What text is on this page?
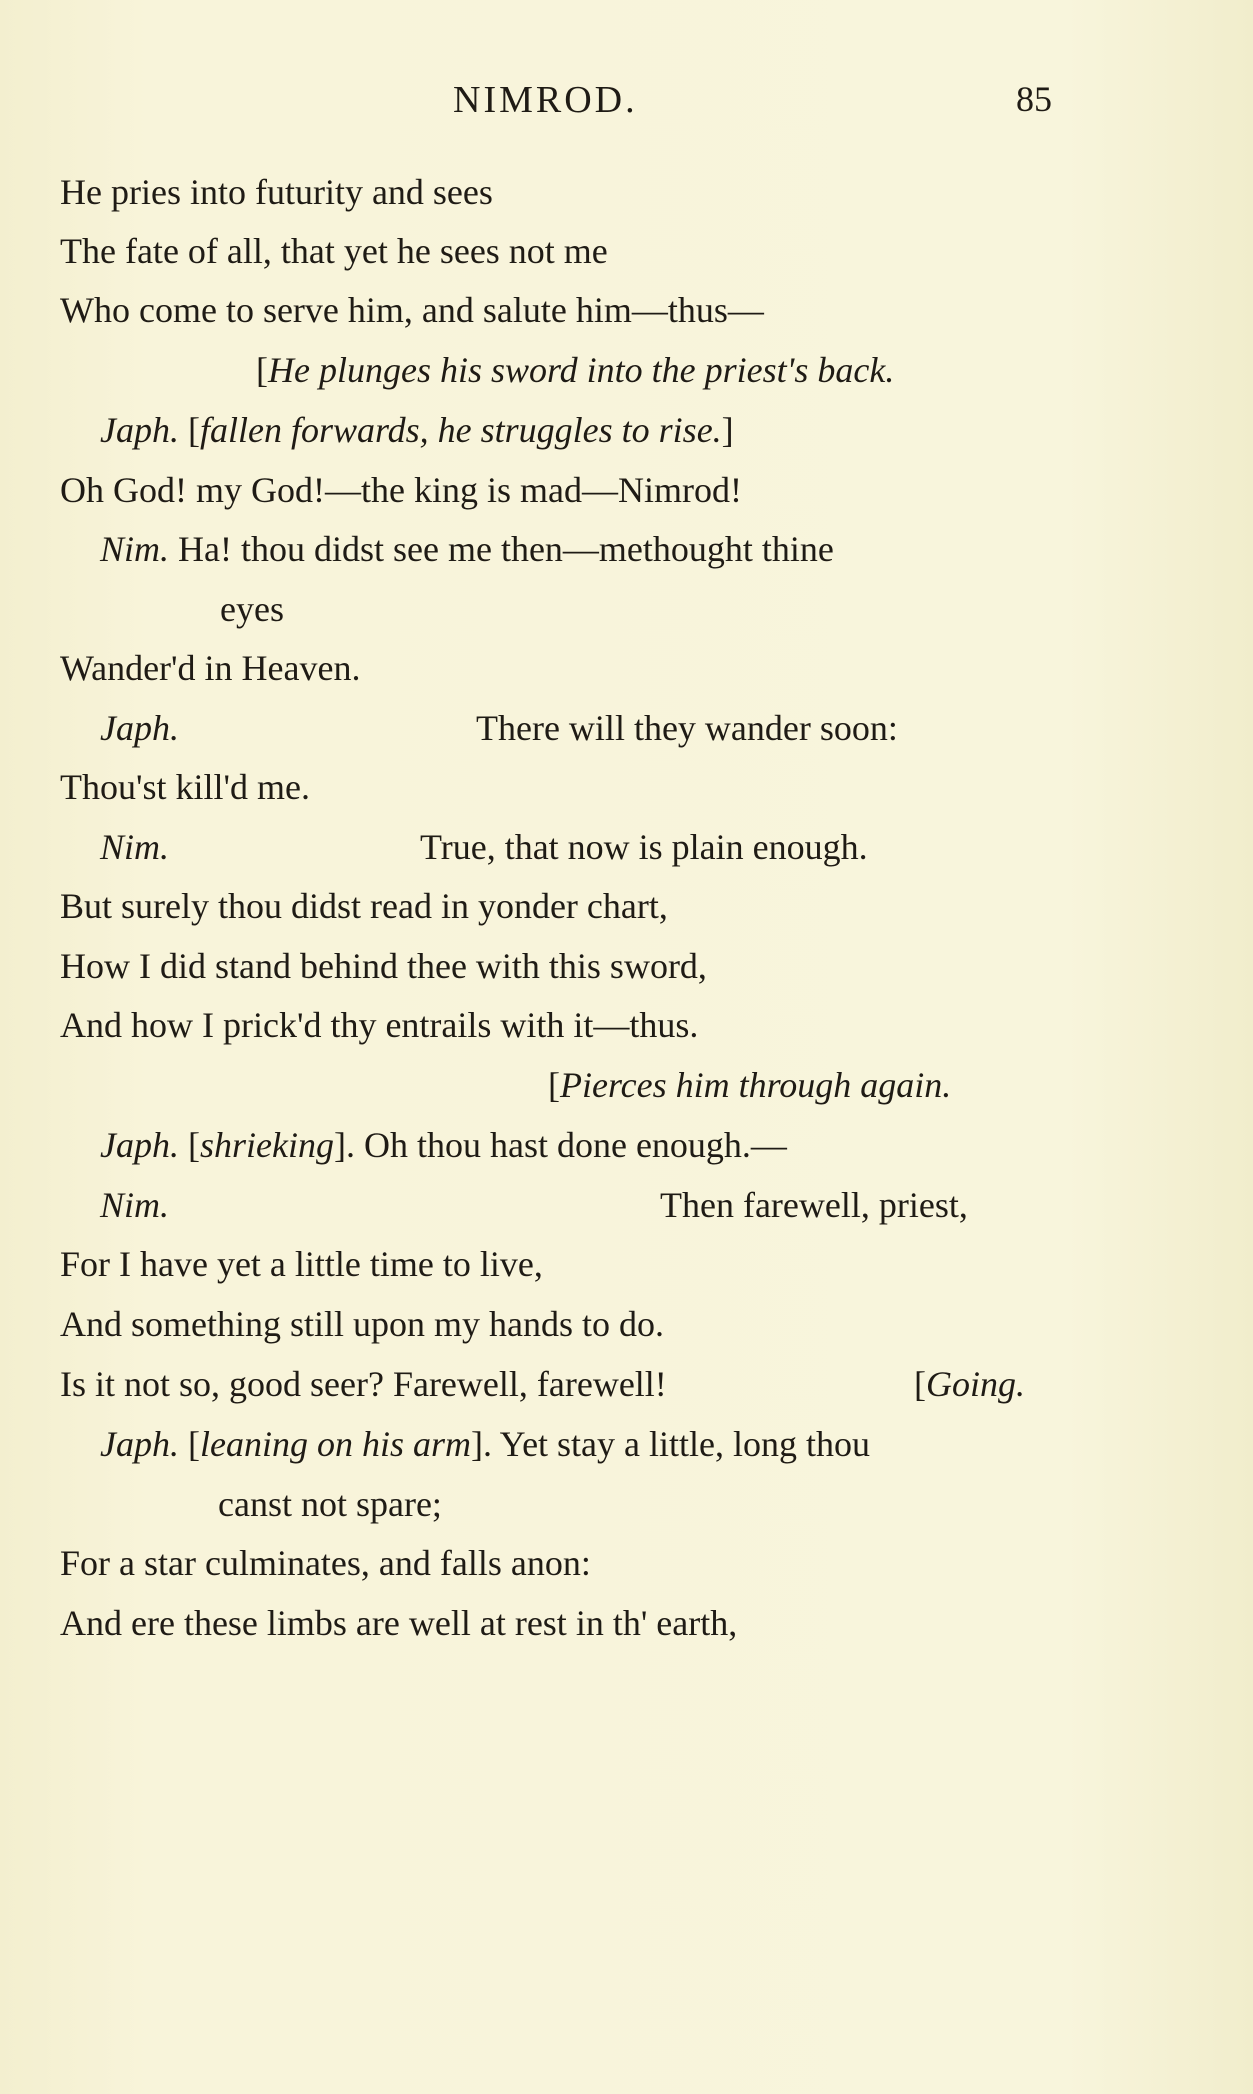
NIMROD.	85
He pries into futurity and sees
The fate of all, that yet he sees not me
Who come to serve him, and salute him—thus—
[He plunges his sword into the priest's back.
Japh. [fallen forwards, he struggles to rise.]
Oh God! my God!—the king is mad—Nimrod!
Nim. Ha! thou didst see me then—methought thine
eyes
Wander'd in Heaven.
Japh.	There will they wander soon:
Thou'st kill'd me.
Nim.	True, that now is plain enough.
But surely thou didst read in yonder chart,
How I did stand behind thee with this sword,
And how I prick'd thy entrails with it—thus.
[Pierces him through again.
Japh. [shrieking]. Oh thou hast done enough.—
Nim.	Then farewell, priest,
For I have yet a little time to live,
And something still upon my hands to do.
Is it not so, good seer? Farewell, farewell!	[Going.
Japh. [leaning on his arm]. Yet stay a little, long thou
canst not spare;
For a star culminates, and falls anon:
And ere these limbs are well at rest in th' earth,
